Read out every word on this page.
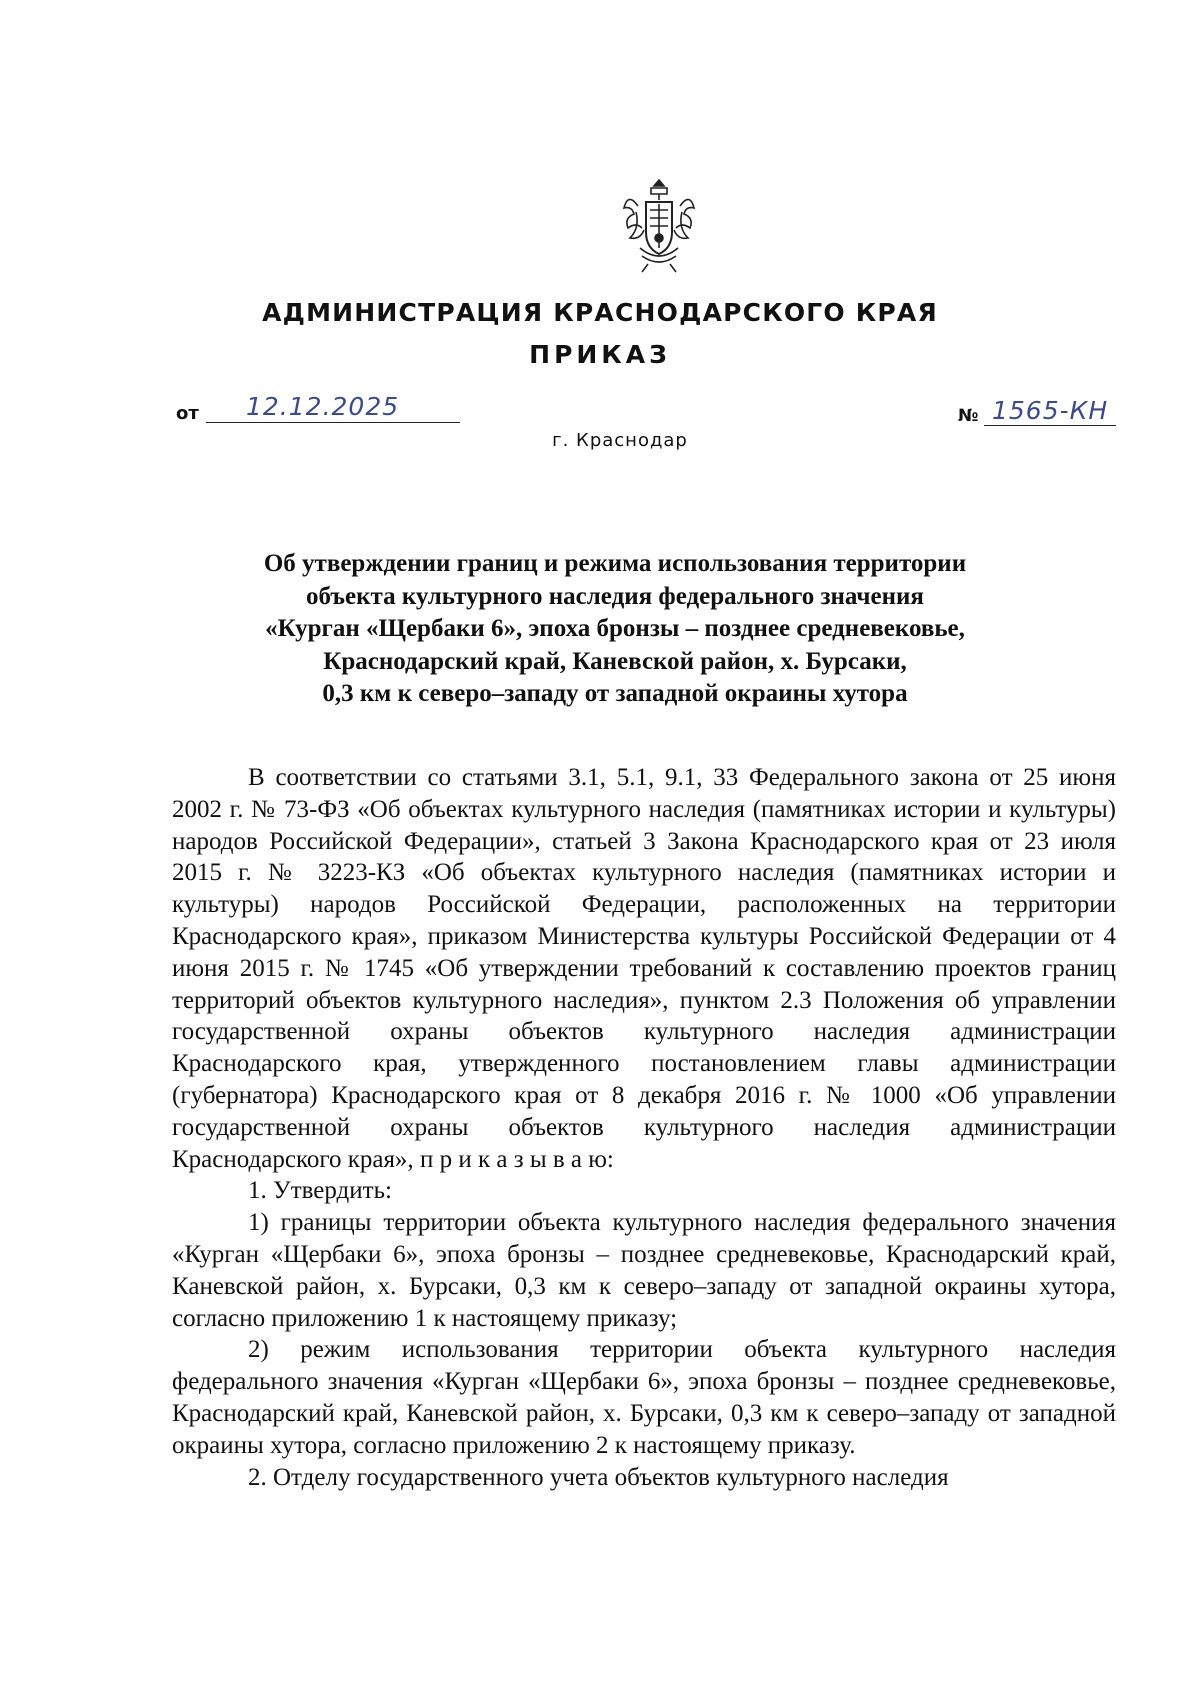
АДМИНИСТРАЦИЯ КРАСНОДАРСКОГО КРАЯ
ПРИКАЗ
от 12.12.2025
г. Краснодар
№ 1565-КН
Об утверждении границ и режима использования территории
объекта культурного наследия федерального значения
«Курган «Щербаки 6», эпоха бронзы – позднее средневековье,
Краснодарский край, Каневской район, х. Бурсаки,
0,3 км к северо–западу от западной окраины хутора

В соответствии со статьями 3.1, 5.1, 9.1, 33 Федерального закона от 25 июня 2002 г. № 73-ФЗ «Об объектах культурного наследия (памятниках истории и культуры) народов Российской Федерации», статьей 3 Закона Краснодарского края от 23 июля 2015 г. № 3223-КЗ «Об объектах культурного наследия (памятниках истории и культуры) народов Российской Федерации, расположенных на территории Краснодарского края», приказом Министерства культуры Российской Федерации от 4 июня 2015 г. № 1745 «Об утверждении требований к составлению проектов границ территорий объектов культурного наследия», пунктом 2.3 Положения об управлении государственной охраны объектов культурного наследия администрации Краснодарского края, утвержденного постановлением главы администрации (губернатора) Краснодарского края от 8 декабря 2016 г. № 1000 «Об управлении государственной охраны объектов культурного наследия администрации Краснодарского края», п р и к а з ы в а ю:

1. Утвердить:

1) границы территории объекта культурного наследия федерального значения «Курган «Щербаки 6», эпоха бронзы – позднее средневековье, Краснодарский край, Каневской район, х. Бурсаки, 0,3 км к северо–западу от западной окраины хутора, согласно приложению 1 к настоящему приказу;

2) режим использования территории объекта культурного наследия федерального значения «Курган «Щербаки 6», эпоха бронзы – позднее средневековье, Краснодарский край, Каневской район, х. Бурсаки, 0,3 км к северо–западу от западной окраины хутора, согласно приложению 2 к настоящему приказу.

2. Отделу государственного учета объектов культурного наследия
